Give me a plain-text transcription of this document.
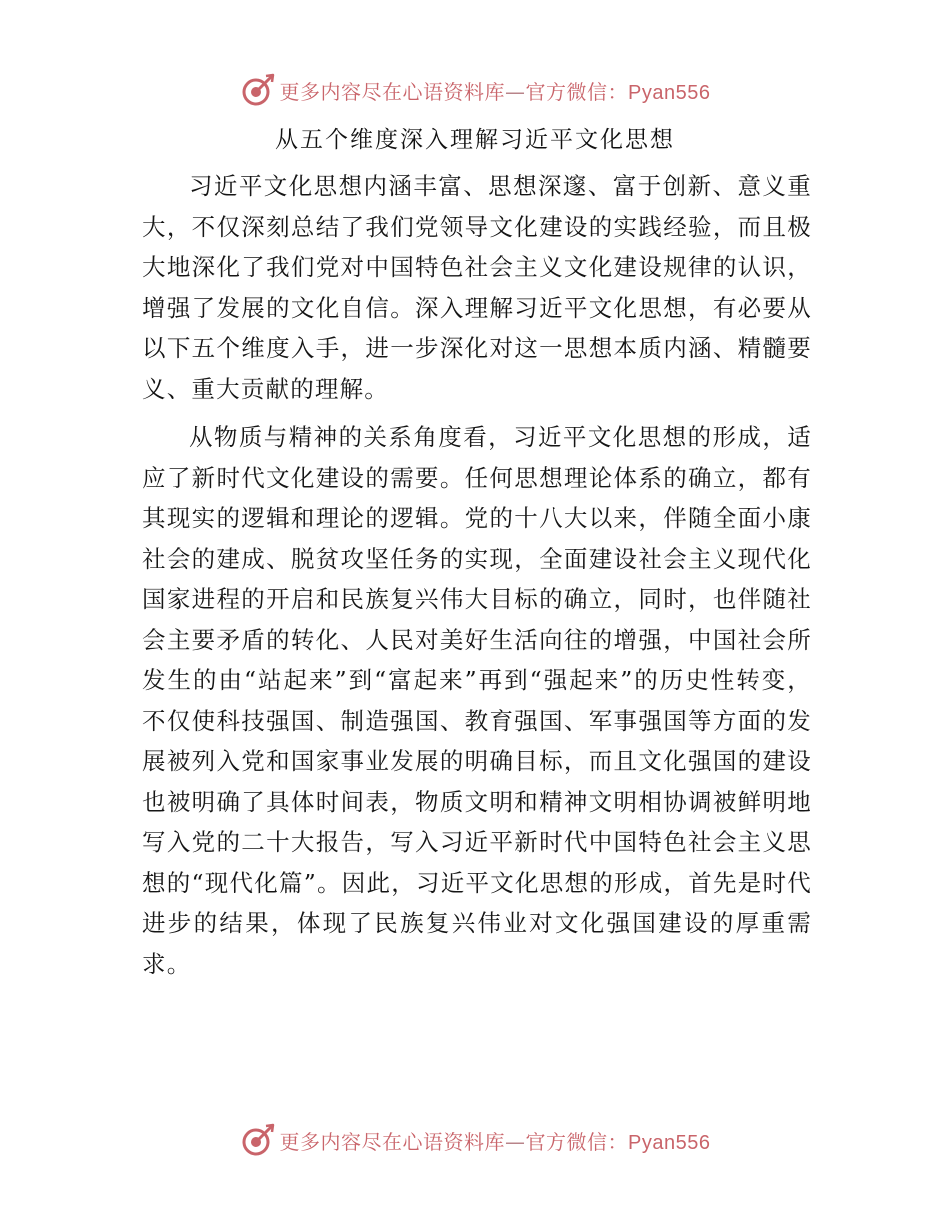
更多内容尽在心语资料库—官方微信：Pyan556
从五个维度深入理解习近平文化思想

习近平文化思想内涵丰富、思想深邃、富于创新、意义重大，不仅深刻总结了我们党领导文化建设的实践经验，而且极大地深化了我们党对中国特色社会主义文化建设规律的认识，增强了发展的文化自信。深入理解习近平文化思想，有必要从以下五个维度入手，进一步深化对这一思想本质内涵、精髓要义、重大贡献的理解。

从物质与精神的关系角度看，习近平文化思想的形成，适应了新时代文化建设的需要。任何思想理论体系的确立，都有其现实的逻辑和理论的逻辑。党的十八大以来，伴随全面小康社会的建成、脱贫攻坚任务的实现，全面建设社会主义现代化国家进程的开启和民族复兴伟大目标的确立，同时，也伴随社会主要矛盾的转化、人民对美好生活向往的增强，中国社会所发生的由“站起来”到“富起来”再到“强起来”的历史性转变，不仅使科技强国、制造强国、教育强国、军事强国等方面的发展被列入党和国家事业发展的明确目标，而且文化强国的建设也被明确了具体时间表，物质文明和精神文明相协调被鲜明地写入党的二十大报告，写入习近平新时代中国特色社会主义思想的“现代化篇”。因此，习近平文化思想的形成，首先是时代进步的结果，体现了民族复兴伟业对文化强国建设的厚重需求。

更多内容尽在心语资料库—官方微信：Pyan556
